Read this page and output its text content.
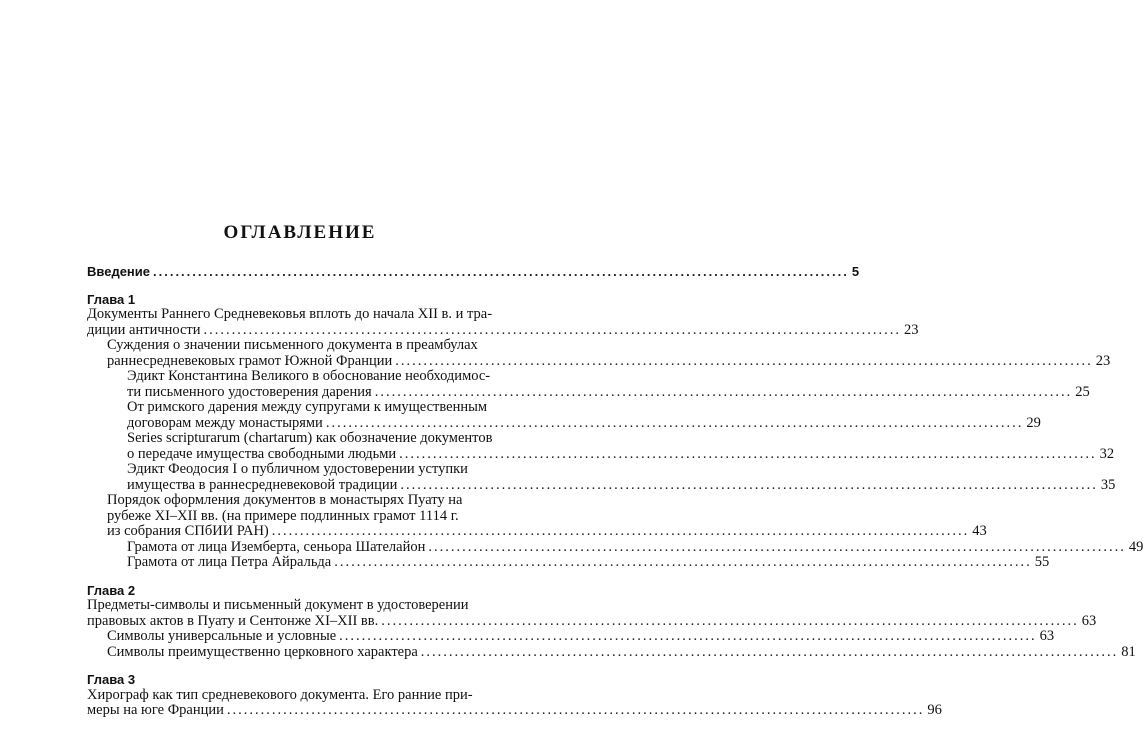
ОГЛАВЛЕНИЕ
Введение ............................................................................................................................ 5
Глава 1
Документы Раннего Средневековья вплоть до начала XII в. и тра-
диции античности ............................................................................................................................ 23
Суждения о значении письменного документа в преамбулах
раннесредневековых грамот Южной Франции ............................................................................................................................ 23
Эдикт Константина Великого в обоснование необходимос-
ти письменного удостоверения дарения ............................................................................................................................ 25
От римского дарения между супругами к имущественным
договорам между монастырями ............................................................................................................................ 29
Series scripturarum (chartarum) как обозначение документов
о передаче имущества свободными людьми ............................................................................................................................ 32
Эдикт Феодосия I о публичном удостоверении уступки
имущества в раннесредневековой традиции ............................................................................................................................ 35
Порядок оформления документов в монастырях Пуату на
рубеже XI–XII вв. (на примере подлинных грамот 1114 г.
из собрания СПбИИ РАН) ............................................................................................................................ 43
Грамота от лица Иземберта, сеньора Шателайон ............................................................................................................................ 49
Грамота от лица Петра Айральда ............................................................................................................................ 55
Глава 2
Предметы-символы и письменный документ в удостоверении
правовых актов в Пуату и Сентонже XI–XII вв. ............................................................................................................................ 63
Символы универсальные и условные ............................................................................................................................ 63
Символы преимущественно церковного характера ............................................................................................................................ 81
Глава 3
Хирограф как тип средневекового документа. Его ранние при-
меры на юге Франции ............................................................................................................................ 96
